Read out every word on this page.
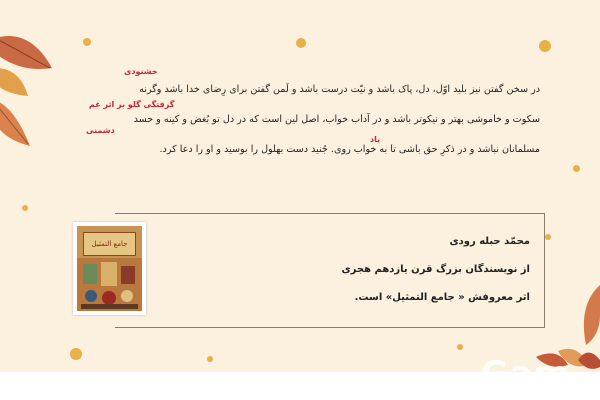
خشنودی
گرفتگی گلو بر اثر غم
دشمنی
یاد
در سخن گفتن نیز بلید اوّل، دل، پاک باشد و نیّت درست باشد و لَمن گفتن برای رِضای خدا باشد وگرنه
سکوت و خاموشی بهتر و نیکوتر باشد و در آداب خواب، اصل لین است که در دل تو بُغض و کینه و حسد
مسلمانان نباشد و در ذکرِ حق باشی تا به خواب روی. جُنید دست بهلول را بوسید و او را دعا کرد.
محمّد حبله رودی
از نویسندگان بزرگ قرن یازدهم هجری
اثر معروفش « جامع التمثیل» است.
جامع التمثيل
Gam
